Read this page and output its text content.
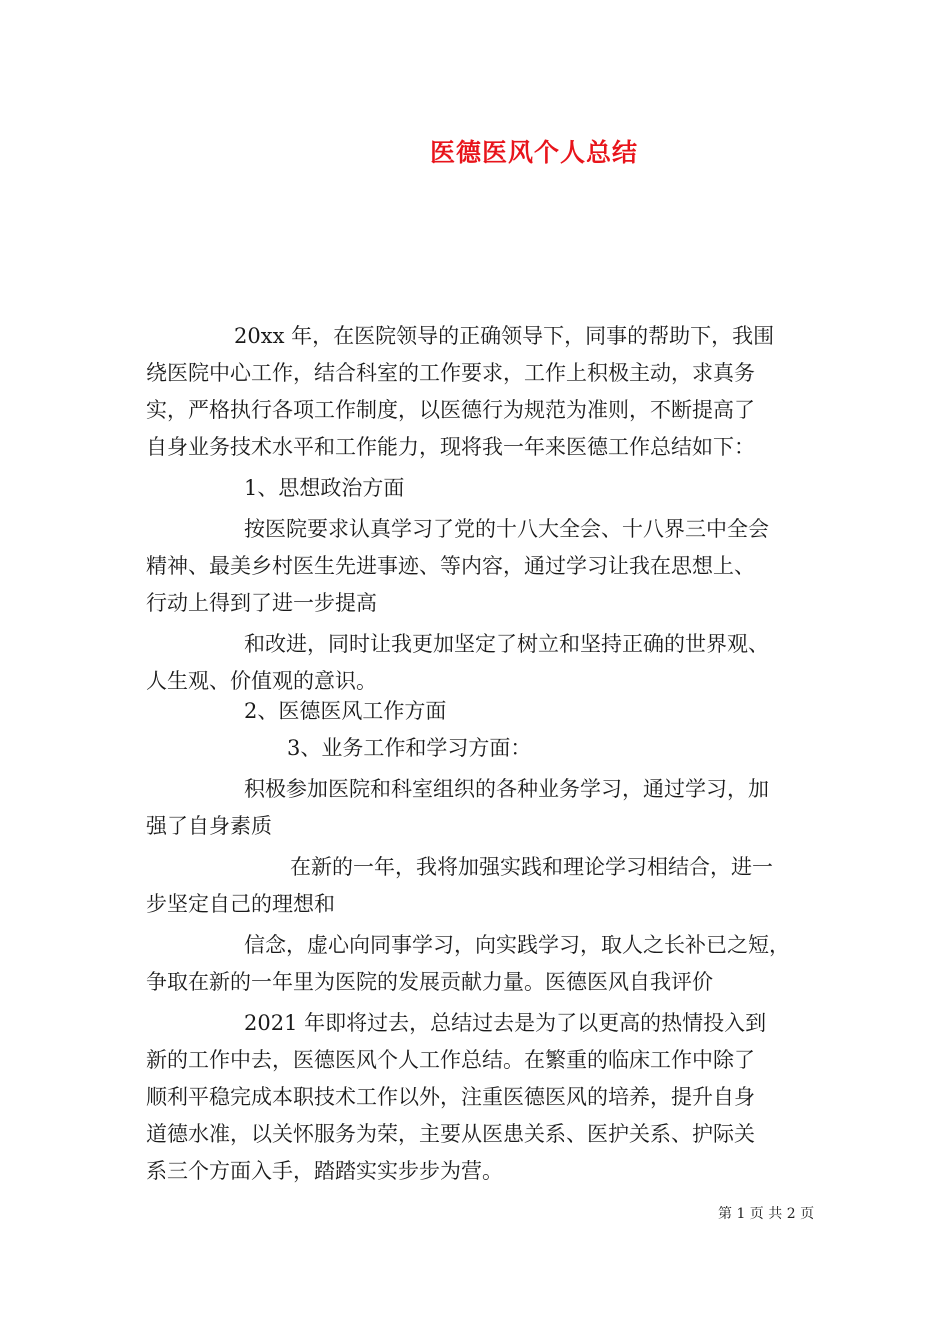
医德医风个人总结
20xx 年，在医院领导的正确领导下，同事的帮助下，我围
绕医院中心工作，结合科室的工作要求，工作上积极主动，求真务
实，严格执行各项工作制度，以医德行为规范为准则，不断提高了
自身业务技术水平和工作能力，现将我一年来医德工作总结如下：
1、思想政治方面
按医院要求认真学习了党的十八大全会、十八界三中全会
精神、最美乡村医生先进事迹、等内容，通过学习让我在思想上、
行动上得到了进一步提高
和改进，同时让我更加坚定了树立和坚持正确的世界观、
人生观、价值观的意识。
2、医德医风工作方面
3、业务工作和学习方面：
积极参加医院和科室组织的各种业务学习，通过学习，加
强了自身素质
在新的一年，我将加强实践和理论学习相结合，进一
步坚定自己的理想和
信念，虚心向同事学习，向实践学习，取人之长补已之短，
争取在新的一年里为医院的发展贡献力量。医德医风自我评价
2021 年即将过去，总结过去是为了以更高的热情投入到
新的工作中去，医德医风个人工作总结。在繁重的临床工作中除了
顺利平稳完成本职技术工作以外，注重医德医风的培养，提升自身
道德水准，以关怀服务为荣，主要从医患关系、医护关系、护际关
系三个方面入手，踏踏实实步步为营。
第 1 页 共 2 页
